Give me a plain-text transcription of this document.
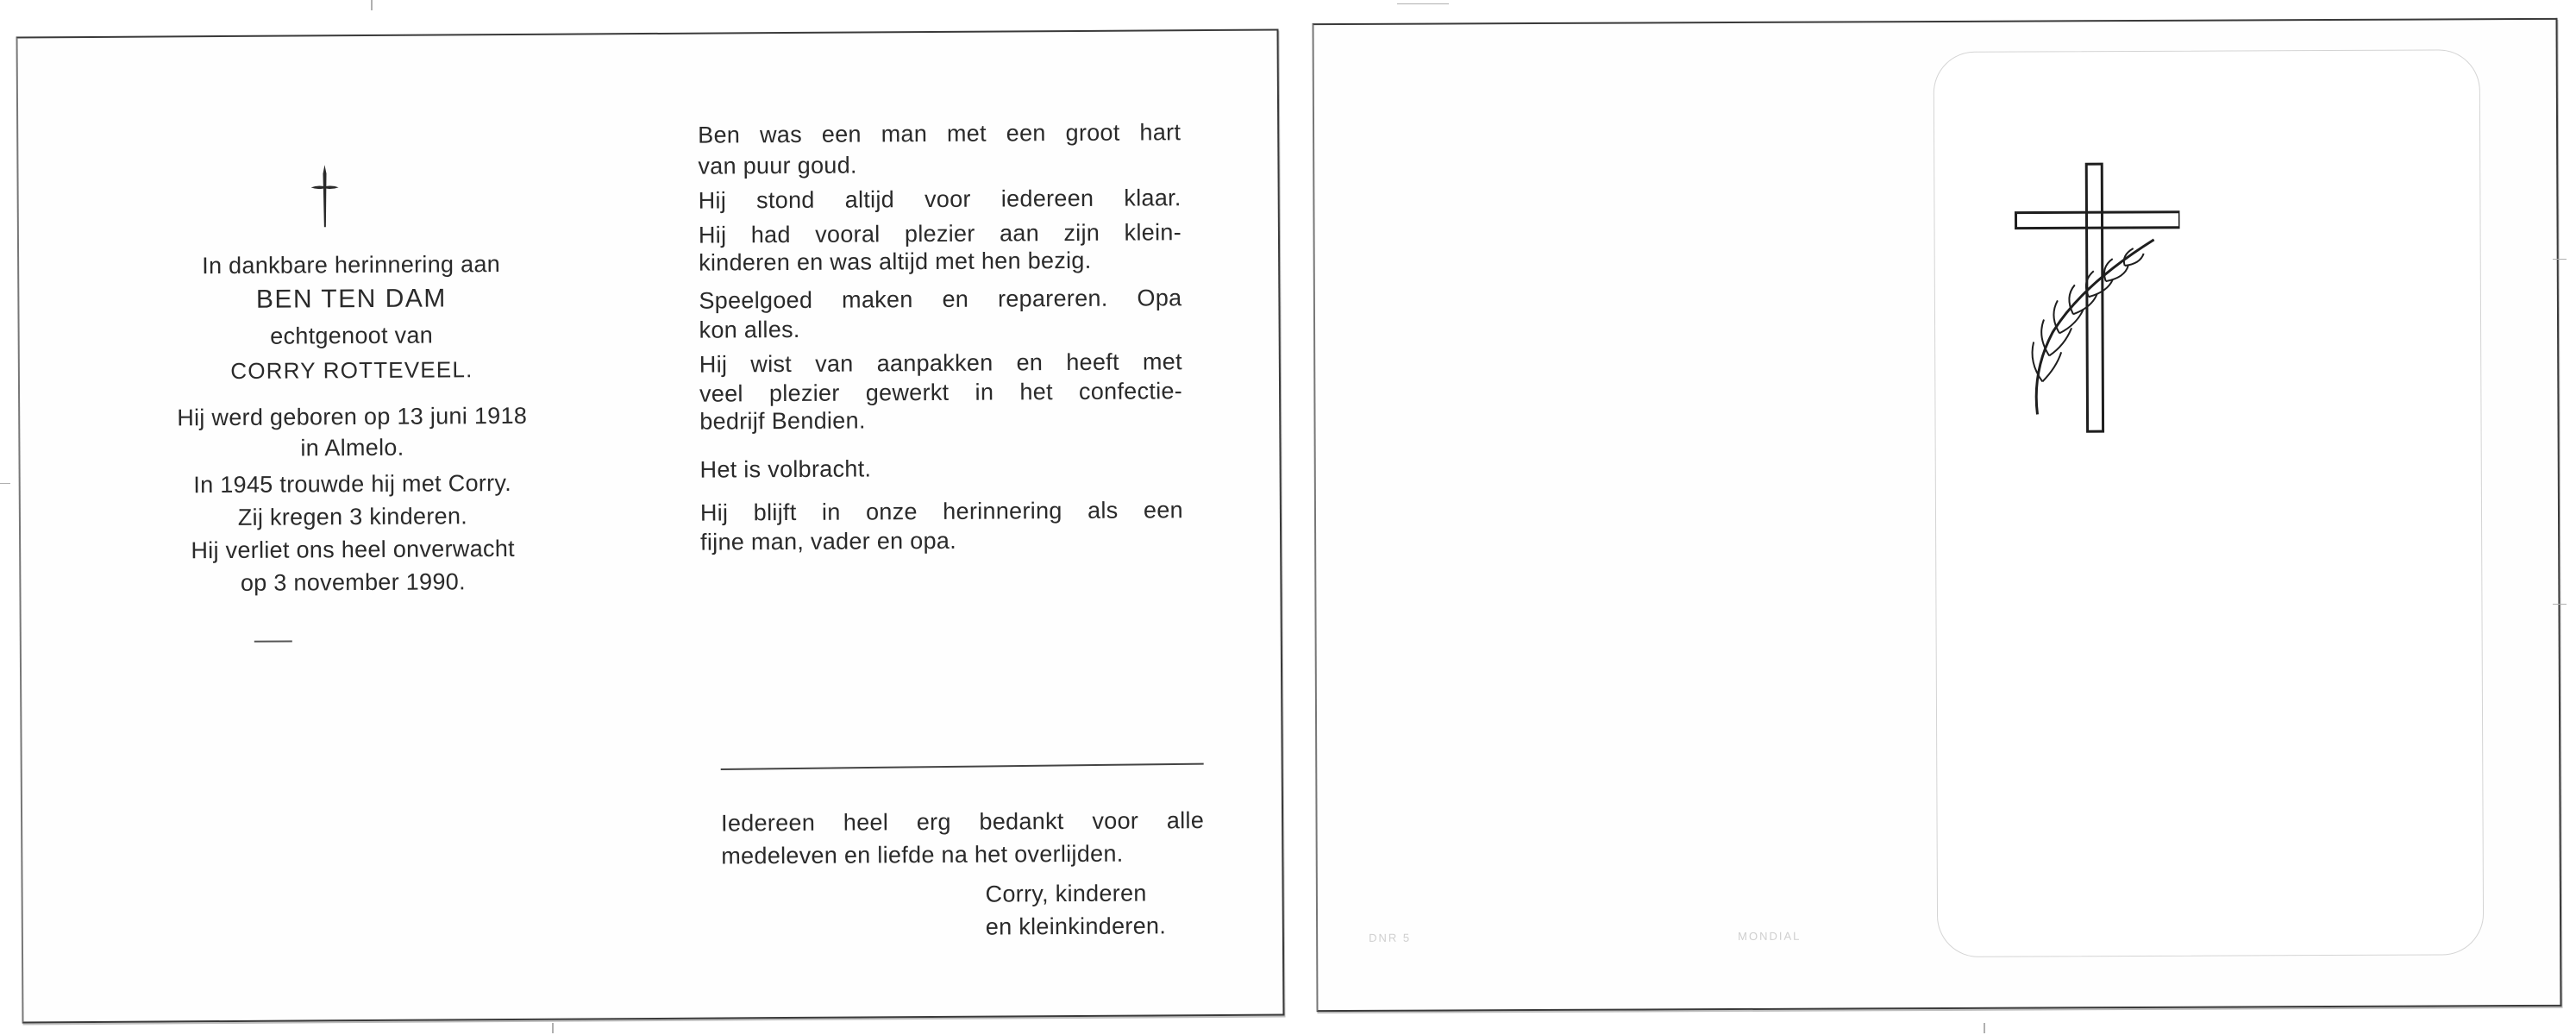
In dankbare herinnering aan
BEN TEN DAM
echtgenoot van
CORRY ROTTEVEEL.
Hij werd geboren op 13 juni 1918
in Almelo.
In 1945 trouwde hij met Corry.
Zij kregen 3 kinderen.
Hij verliet ons heel onverwacht
op 3 november 1990.
Ben was een man met een groot hart
van puur goud.
Hij stond altijd voor iedereen klaar.
Hij had vooral plezier aan zijn klein-
kinderen en was altijd met hen bezig.
Speelgoed maken en repareren. Opa
kon alles.
Hij wist van aanpakken en heeft met
veel plezier gewerkt in het confectie-
bedrijf Bendien.
Het is volbracht.
Hij blijft in onze herinnering als een
fijne man, vader en opa.
Iedereen heel erg bedankt voor alle
medeleven en liefde na het overlijden.
Corry, kinderen
en kleinkinderen.	DNR 5	MONDIAL
